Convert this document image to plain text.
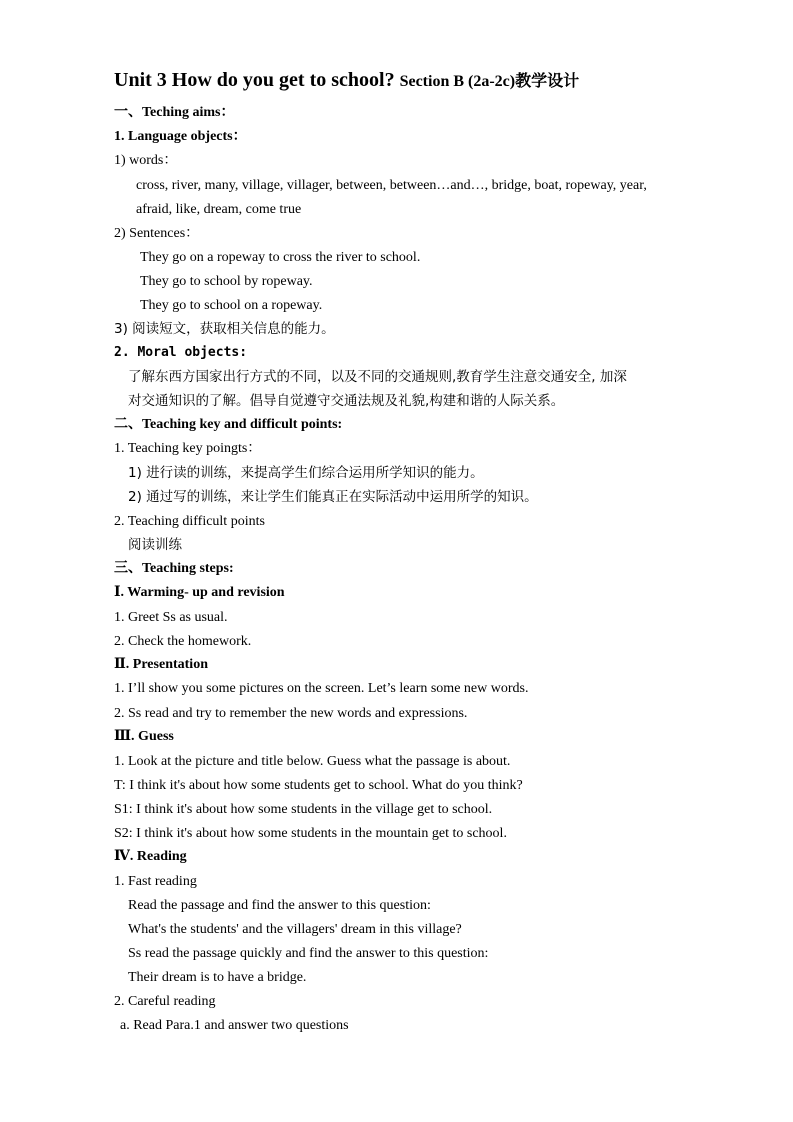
Unit 3 How do you get to school? Section B (2a-2c)教学设计
一、Teching aims：
1. Language objects：
1) words：
cross, river, many, village, villager, between, between…and…, bridge, boat, ropeway, year,
afraid, like, dream, come true
2) Sentences：
They go on a ropeway to cross the river to school.
They go to school by ropeway.
They go to school on a ropeway.
3) 阅读短文，获取相关信息的能力。
2. Moral objects:
了解东西方国家出行方式的不同，以及不同的交通规则,教育学生注意交通安全, 加深
对交通知识的了解。倡导自觉遵守交通法规及礼貌,构建和谐的人际关系。
二、Teaching key and difficult points:
1. Teaching key poingts：
1) 进行读的训练，来提高学生们综合运用所学知识的能力。
2) 通过写的训练，来让学生们能真正在实际活动中运用所学的知识。
2. Teaching difficult points
阅读训练
三、Teaching steps:
Ⅰ. Warming- up and revision
1. Greet Ss as usual.
2. Check the homework.
Ⅱ. Presentation
1. I’ll show you some pictures on the screen. Let’s learn some new words.
2. Ss read and try to remember the new words and expressions.
Ⅲ. Guess
1. Look at the picture and title below. Guess what the passage is about.
T: I think it's about how some students get to school. What do you think?
S1: I think it's about how some students in the village get to school.
S2: I think it's about how some students in the mountain get to school.
Ⅳ. Reading
1. Fast reading
Read the passage and find the answer to this question:
What's the students' and the villagers' dream in this village?
Ss read the passage quickly and find the answer to this question:
Their dream is to have a bridge.
2. Careful reading
a. Read Para.1 and answer two questions
